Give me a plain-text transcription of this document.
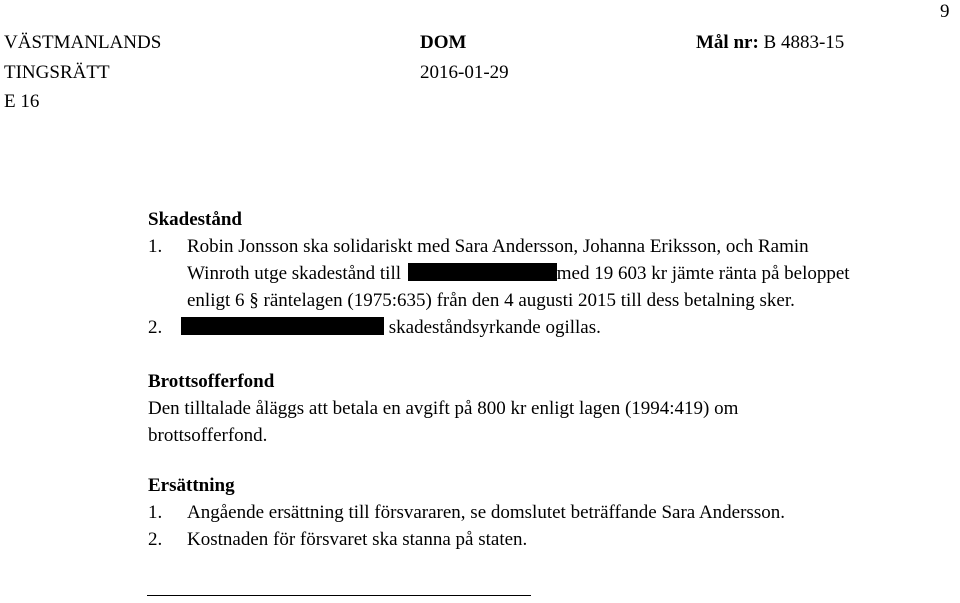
9
VÄSTMANLANDS
TINGSRÄTT
E 16
DOM
2016-01-29
Mål nr: B 4883-15
Skadestånd
1. Robin Jonsson ska solidariskt med Sara Andersson, Johanna Eriksson, och Ramin
Winroth utge skadestånd till	med 19 603 kr jämte ränta på beloppet
enligt 6 § räntelagen (1975:635) från den 4 augusti 2015 till dess betalning sker.
2.	skadeståndsyrkande ogillas.
Brottsofferfond
Den tilltalade åläggs att betala en avgift på 800 kr enligt lagen (1994:419) om
brottsofferfond.
Ersättning
1. Angående ersättning till försvararen, se domslutet beträffande Sara Andersson.
2. Kostnaden för försvaret ska stanna på staten.
